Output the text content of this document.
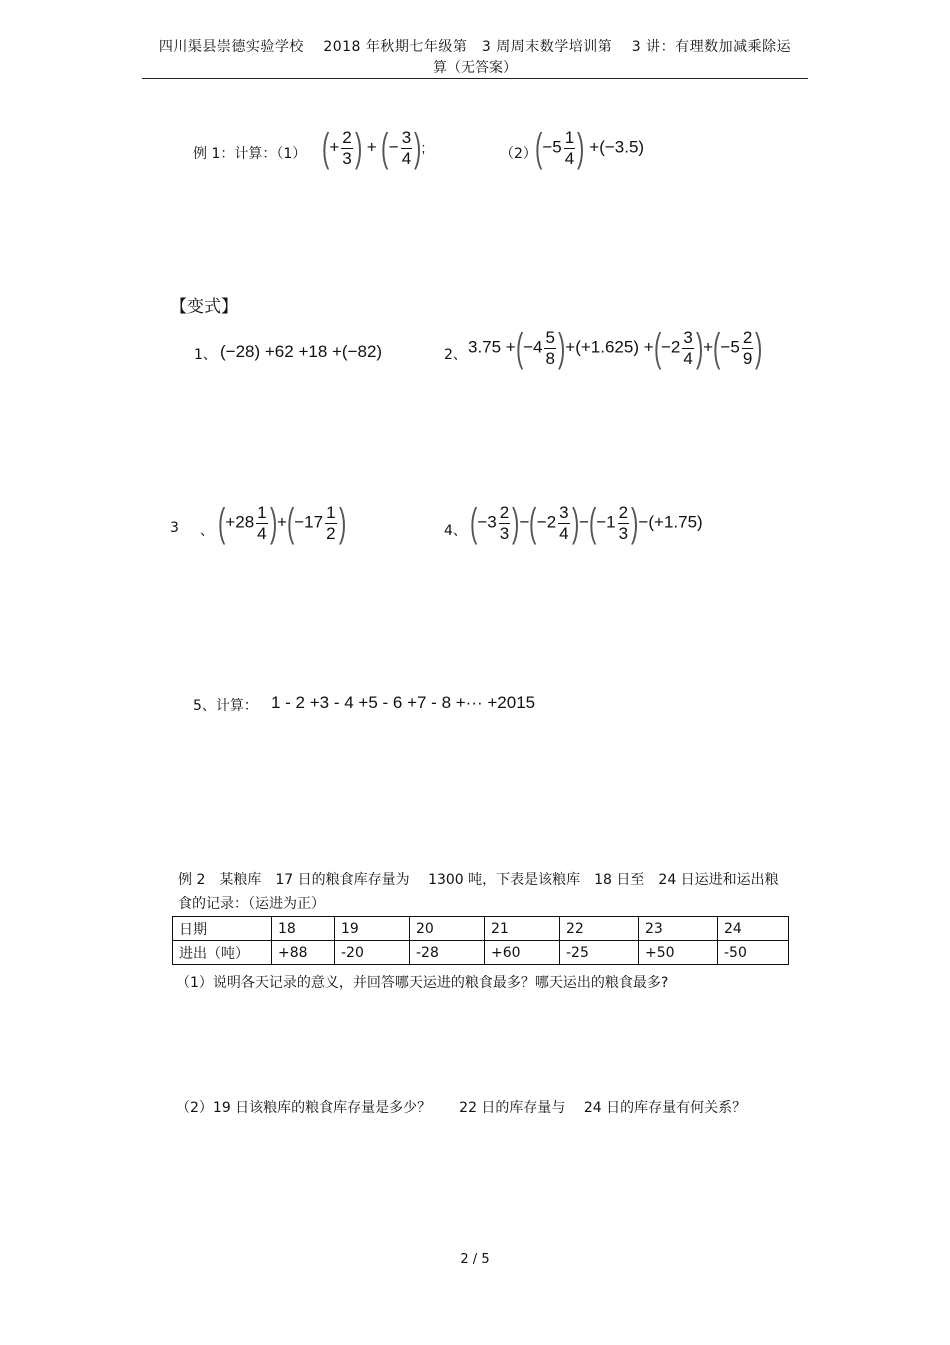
四川渠县崇德实验学校　 2018 年秋期七年级第　3 周周末数学培训第　 3 讲：有理数加减乘除运
算（无答案）
例 1：计算：（1） (+ $\frac{2}{3}$ ) + (− $\frac{3}{4}$ );	（2）
($-5 \frac{1}{4}$ ) +(−3.5)
【变式】
1、 (−28) +62 +18 +(−82)	2、 $3.75 +(-4 \frac{5}{8} )+(+1.625) +(-2 \frac{3}{4} )+(-5 \frac{2}{9}$ )
3 、 $(+28 \frac{1}{4} )+(-17 \frac{1}{2}$ )	4、 $(-3 \frac{2}{3} )-(-2 \frac{3}{4} )-(-1 \frac{2}{3} )-(+1.75)$
5、计算： 1 - 2 +3 - 4 +5 - 6 +7 - 8 +··· +2015
例 2　某粮库　17 日的粮食库存量为　 1300 吨，下表是该粮库　18 日至　24 日运进和运出粮
食的记录：（运进为正）
日期	18	19	20	21	22	23	24
进出（吨）	+88	-20	-28	+60	-25	+50	-50
（1）说明各天记录的意义，并回答哪天运进的粮食最多？哪天运出的粮食最多?
（2）19 日该粮库的粮食库存量是多少？　　22 日的库存量与　 24 日的库存量有何关系？
2 / 5
